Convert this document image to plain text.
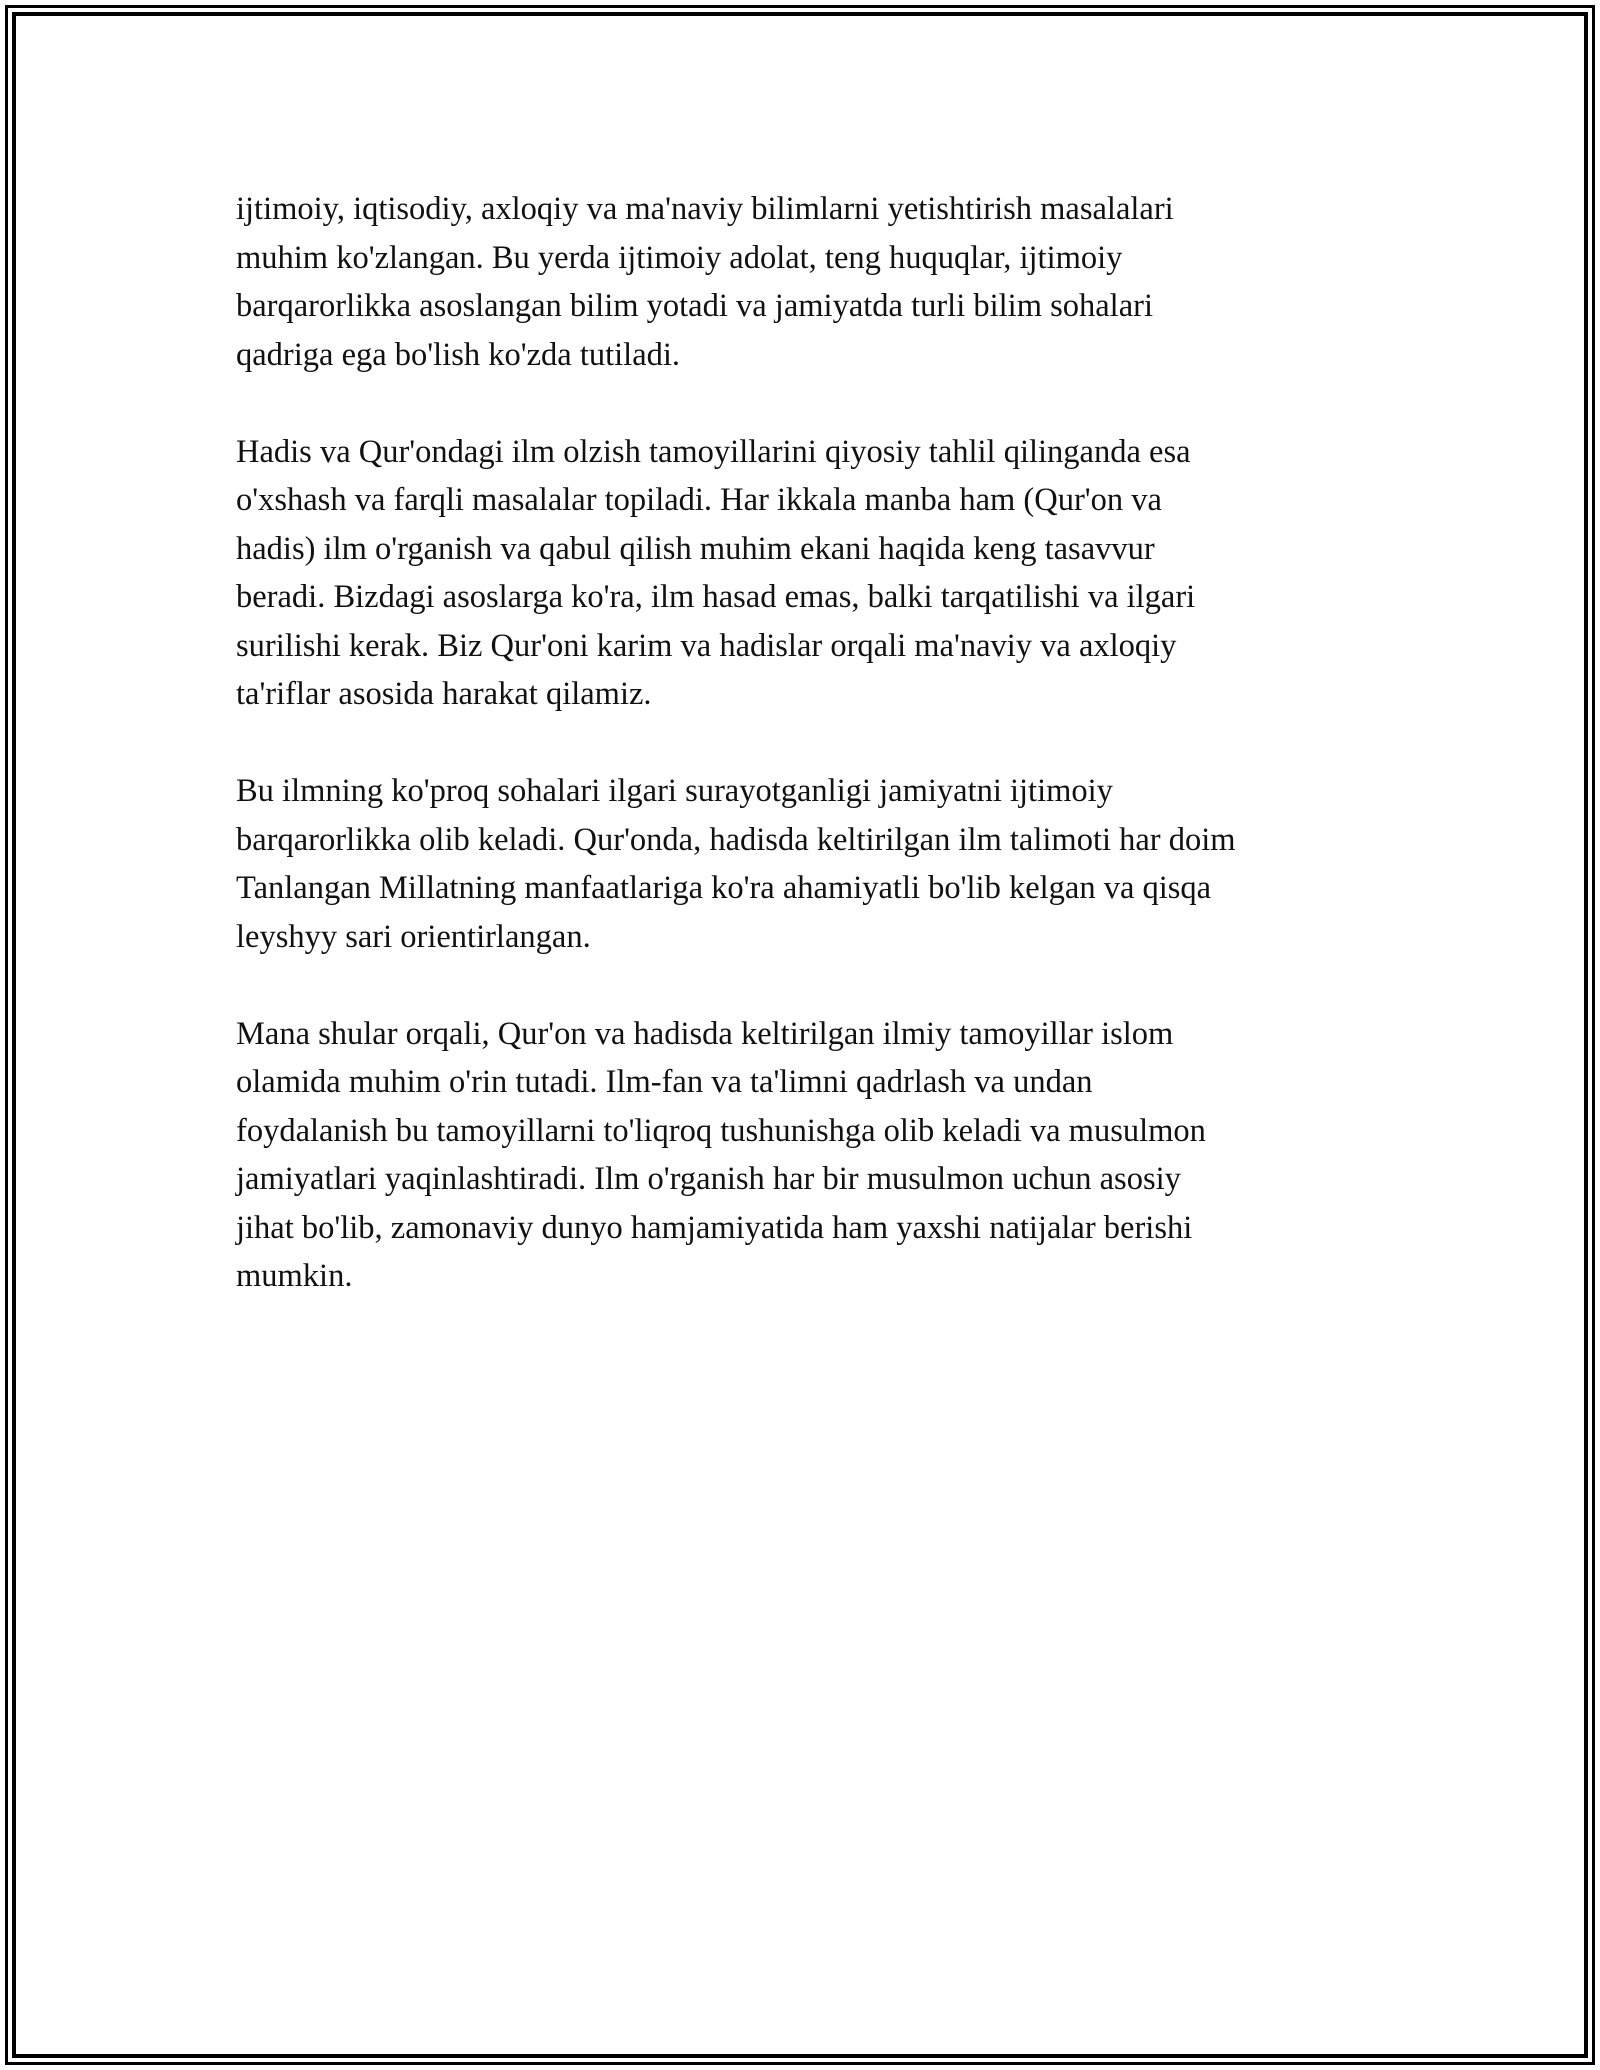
ijtimoiy, iqtisodiy, axloqiy va ma'naviy bilimlarni yetishtirish masalalari
muhim ko'zlangan. Bu yerda ijtimoiy adolat, teng huquqlar, ijtimoiy
barqarorlikka asoslangan bilim yotadi va jamiyatda turli bilim sohalari
qadriga ega bo'lish ko'zda tutiladi.

Hadis va Qur'ondagi ilm olzish tamoyillarini qiyosiy tahlil qilinganda esa
o'xshash va farqli masalalar topiladi. Har ikkala manba ham (Qur'on va
hadis) ilm o'rganish va qabul qilish muhim ekani haqida keng tasavvur
beradi. Bizdagi asoslarga ko'ra, ilm hasad emas, balki tarqatilishi va ilgari
surilishi kerak. Biz Qur'oni karim va hadislar orqali ma'naviy va axloqiy
ta'riflar asosida harakat qilamiz.

Bu ilmning ko'proq sohalari ilgari surayotganligi jamiyatni ijtimoiy
barqarorlikka olib keladi. Qur'onda, hadisda keltirilgan ilm talimoti har doim
Tanlangan Millatning manfaatlariga ko'ra ahamiyatli bo'lib kelgan va qisqa
leyshyy sari orientirlangan.

Mana shular orqali, Qur'on va hadisda keltirilgan ilmiy tamoyillar islom
olamida muhim o'rin tutadi. Ilm-fan va ta'limni qadrlash va undan
foydalanish bu tamoyillarni to'liqroq tushunishga olib keladi va musulmon
jamiyatlari yaqinlashtiradi. Ilm o'rganish har bir musulmon uchun asosiy
jihat bo'lib, zamonaviy dunyo hamjamiyatida ham yaxshi natijalar berishi
mumkin.
